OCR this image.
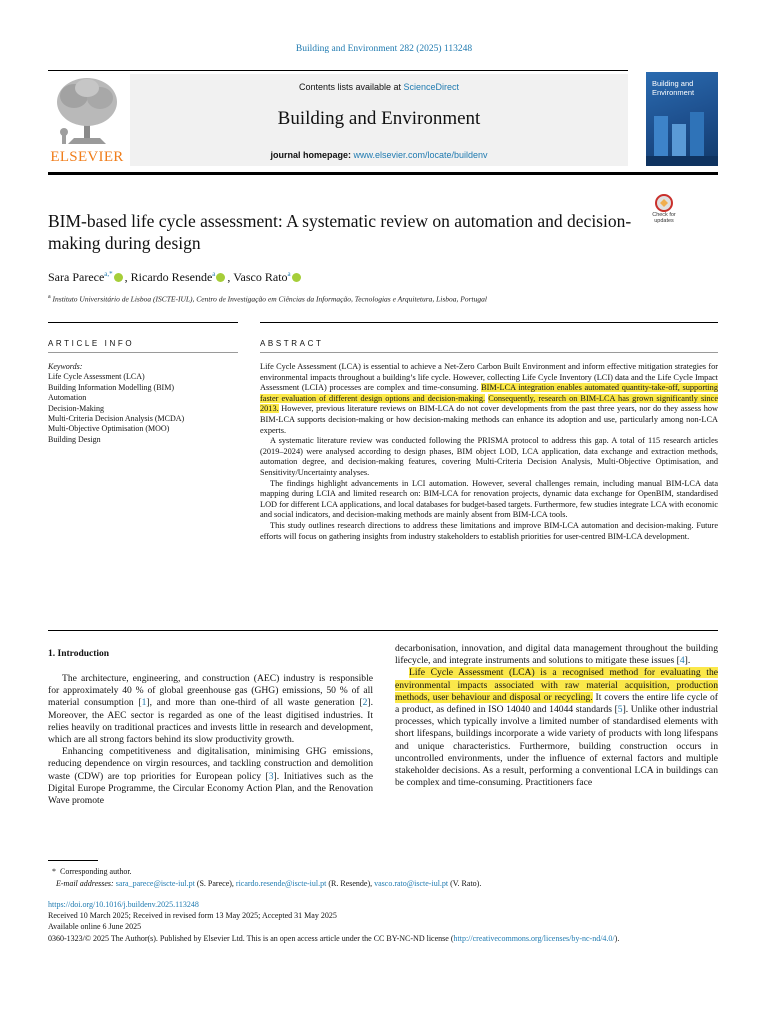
Building and Environment 282 (2025) 113248
ELSEVIER
Contents lists available at ScienceDirect
Building and Environment
journal homepage: www.elsevier.com/locate/buildenv
Building and Environment
BIM-based life cycle assessment: A systematic review on automation and decision-making during design
Check for updates
Sara Parece$^{a,*}$ , Ricardo Resende$^a$ , Vasco Rato$^a$
$^a$ Instituto Universitário de Lisboa (ISCTE-IUL), Centro de Investigação em Ciências da Informação, Tecnologias e Arquitetura, Lisboa, Portugal
ARTICLE INFO	ABSTRACT
Keywords:
Life Cycle Assessment (LCA)
Building Information Modelling (BIM)
Automation
Decision-Making
Multi-Criteria Decision Analysis (MCDA)
Multi-Objective Optimisation (MOO)
Building Design

Life Cycle Assessment (LCA) is essential to achieve a Net-Zero Carbon Built Environment and inform effective mitigation strategies for environmental impacts throughout a building’s life cycle. However, collecting Life Cycle Inventory (LCI) data and the Life Cycle Impact Assessment (LCIA) processes are complex and time-consuming. BIM-LCA integration enables automated quantity-take-off, supporting faster evaluation of different design options and decision-making. Consequently, research on BIM-LCA has grown significantly since 2013. However, previous literature reviews on BIM-LCA do not cover developments from the past three years, nor do they assess how BIM-LCA supports decision-making or how decision-making methods can enhance its adoption and use, particularly among non-LCA experts.

A systematic literature review was conducted following the PRISMA protocol to address this gap. A total of 115 research articles (2019–2024) were analysed according to design phases, BIM object LOD, LCA application, data exchange and extraction methods, automation degree, and decision-making features, covering Multi-Criteria Decision Analysis, Multi-Objective Optimisation, and Sensitivity/Uncertainty analyses.

The findings highlight advancements in LCI automation. However, several challenges remain, including manual BIM-LCA data mapping during LCIA and limited research on: BIM-LCA for renovation projects, dynamic data exchange for OpenBIM, standardised LOD for different LCA applications, and local databases for budget-based targets. Furthermore, few studies integrate LCA with economic and social indicators, and decision-making methods are mainly absent from BIM-LCA tools.

This study outlines research directions to address these limitations and improve BIM-LCA automation and decision-making. Future efforts will focus on gathering insights from industry stakeholders to establish priorities for user-centred BIM-LCA development.

1. Introduction

The architecture, engineering, and construction (AEC) industry is responsible for approximately 40 % of global greenhouse gas (GHG) emissions, 50 % of all material consumption [1], and more than one-third of all waste generation [2]. Moreover, the AEC sector is regarded as one of the least digitised industries. It relies heavily on traditional practices and invests little in research and development, which are all strong factors behind its slow productivity growth.

Enhancing competitiveness and digitalisation, minimising GHG emissions, reducing dependence on virgin resources, and tackling construction and demolition waste (CDW) are top priorities for European policy [3]. Initiatives such as the Digital Europe Programme, the Circular Economy Action Plan, and the Renovation Wave promote

decarbonisation, innovation, and digital data management throughout the building lifecycle, and integrate instruments and solutions to mitigate these issues [4].

Life Cycle Assessment (LCA) is a recognised method for evaluating the environmental impacts associated with raw material acquisition, production methods, user behaviour and disposal or recycling. It covers the entire life cycle of a product, as defined in ISO 14040 and 14044 standards [5]. Unlike other industrial processes, which typically involve a limited number of standardised elements with short lifespans, buildings incorporate a wide variety of products with long lifespans and unique characteristics. Furthermore, building construction occurs in uncontrolled environments, under the influence of external factors and multiple stakeholder decisions. As a result, performing a conventional LCA in buildings can be complex and time-consuming. Practitioners face

* Corresponding author.
E-mail addresses: sara_parece@iscte-iul.pt (S. Parece), ricardo.resende@iscte-iul.pt (R. Resende), vasco.rato@iscte-iul.pt (V. Rato).
https://doi.org/10.1016/j.buildenv.2025.113248
Received 10 March 2025; Received in revised form 13 May 2025; Accepted 31 May 2025
Available online 6 June 2025
0360-1323/© 2025 The Author(s). Published by Elsevier Ltd. This is an open access article under the CC BY-NC-ND license (http://creativecommons.org/licenses/by-nc-nd/4.0/).
